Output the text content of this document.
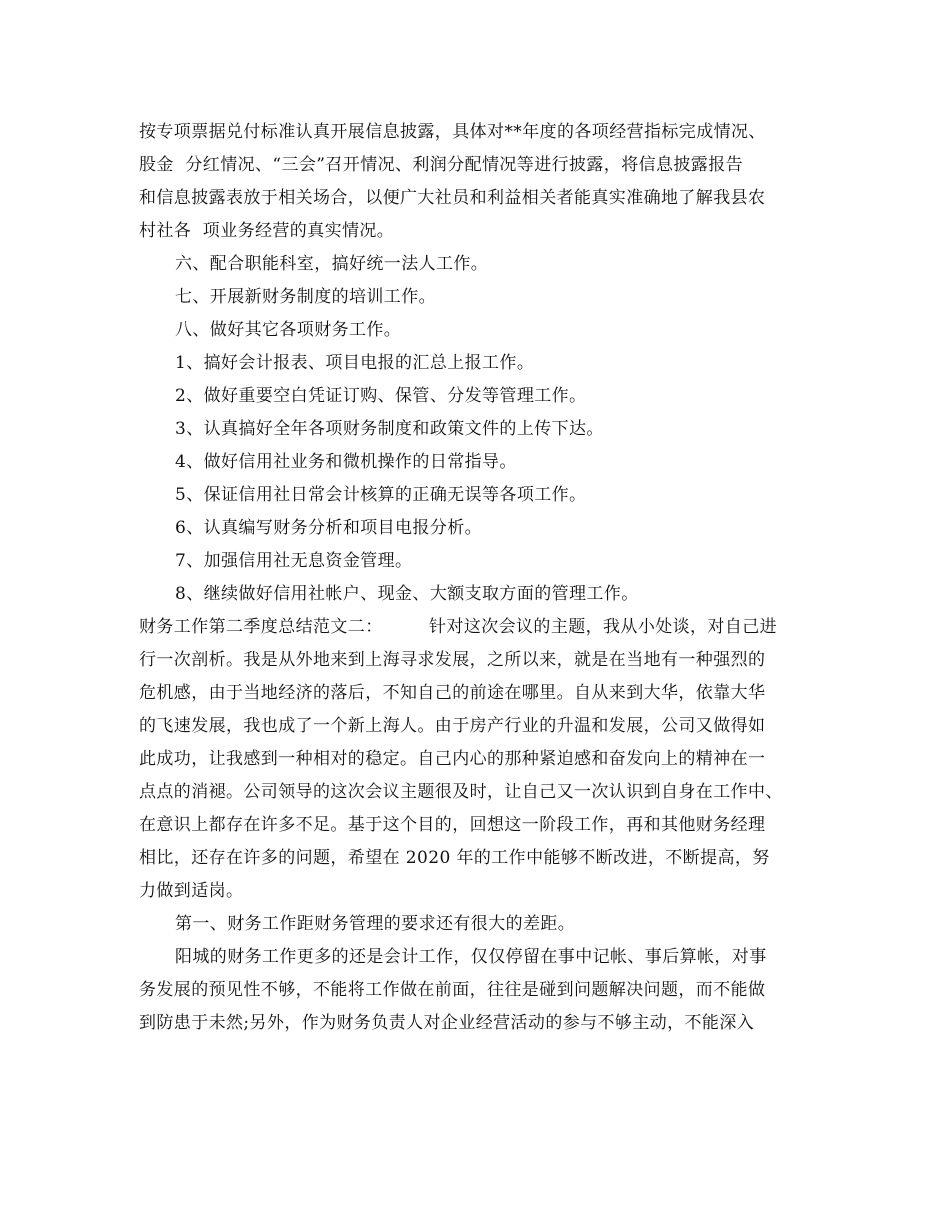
按专项票据兑付标准认真开展信息披露，具体对**年度的各项经营指标完成情况、
股金  分红情况、“三会”召开情况、利润分配情况等进行披露，将信息披露报告
和信息披露表放于相关场合，以便广大社员和利益相关者能真实准确地了解我县农
村社各  项业务经营的真实情况。
六、配合职能科室，搞好统一法人工作。
七、开展新财务制度的培训工作。
八、做好其它各项财务工作。
1、搞好会计报表、项目电报的汇总上报工作。
2、做好重要空白凭证订购、保管、分发等管理工作。
3、认真搞好全年各项财务制度和政策文件的上传下达。
4、做好信用社业务和微机操作的日常指导。
5、保证信用社日常会计核算的正确无误等各项工作。
6、认真编写财务分析和项目电报分析。
7、加强信用社无息资金管理。
8、继续做好信用社帐户、现金、大额支取方面的管理工作。
财务工作第二季度总结范文二：        针对这次会议的主题，我从小处谈，对自己进
行一次剖析。我是从外地来到上海寻求发展，之所以来，就是在当地有一种强烈的
危机感，由于当地经济的落后，不知自己的前途在哪里。自从来到大华，依靠大华
的飞速发展，我也成了一个新上海人。由于房产行业的升温和发展，公司又做得如
此成功，让我感到一种相对的稳定。自己内心的那种紧迫感和奋发向上的精神在一
点点的消褪。公司领导的这次会议主题很及时，让自己又一次认识到自身在工作中、
在意识上都存在许多不足。基于这个目的，回想这一阶段工作，再和其他财务经理
相比，还存在许多的问题，希望在 2020 年的工作中能够不断改进，不断提高，努
力做到适岗。
第一、财务工作距财务管理的要求还有很大的差距。
阳城的财务工作更多的还是会计工作，仅仅停留在事中记帐、事后算帐，对事
务发展的预见性不够，不能将工作做在前面，往往是碰到问题解决问题，而不能做
到防患于未然;另外，作为财务负责人对企业经营活动的参与不够主动，不能深入
